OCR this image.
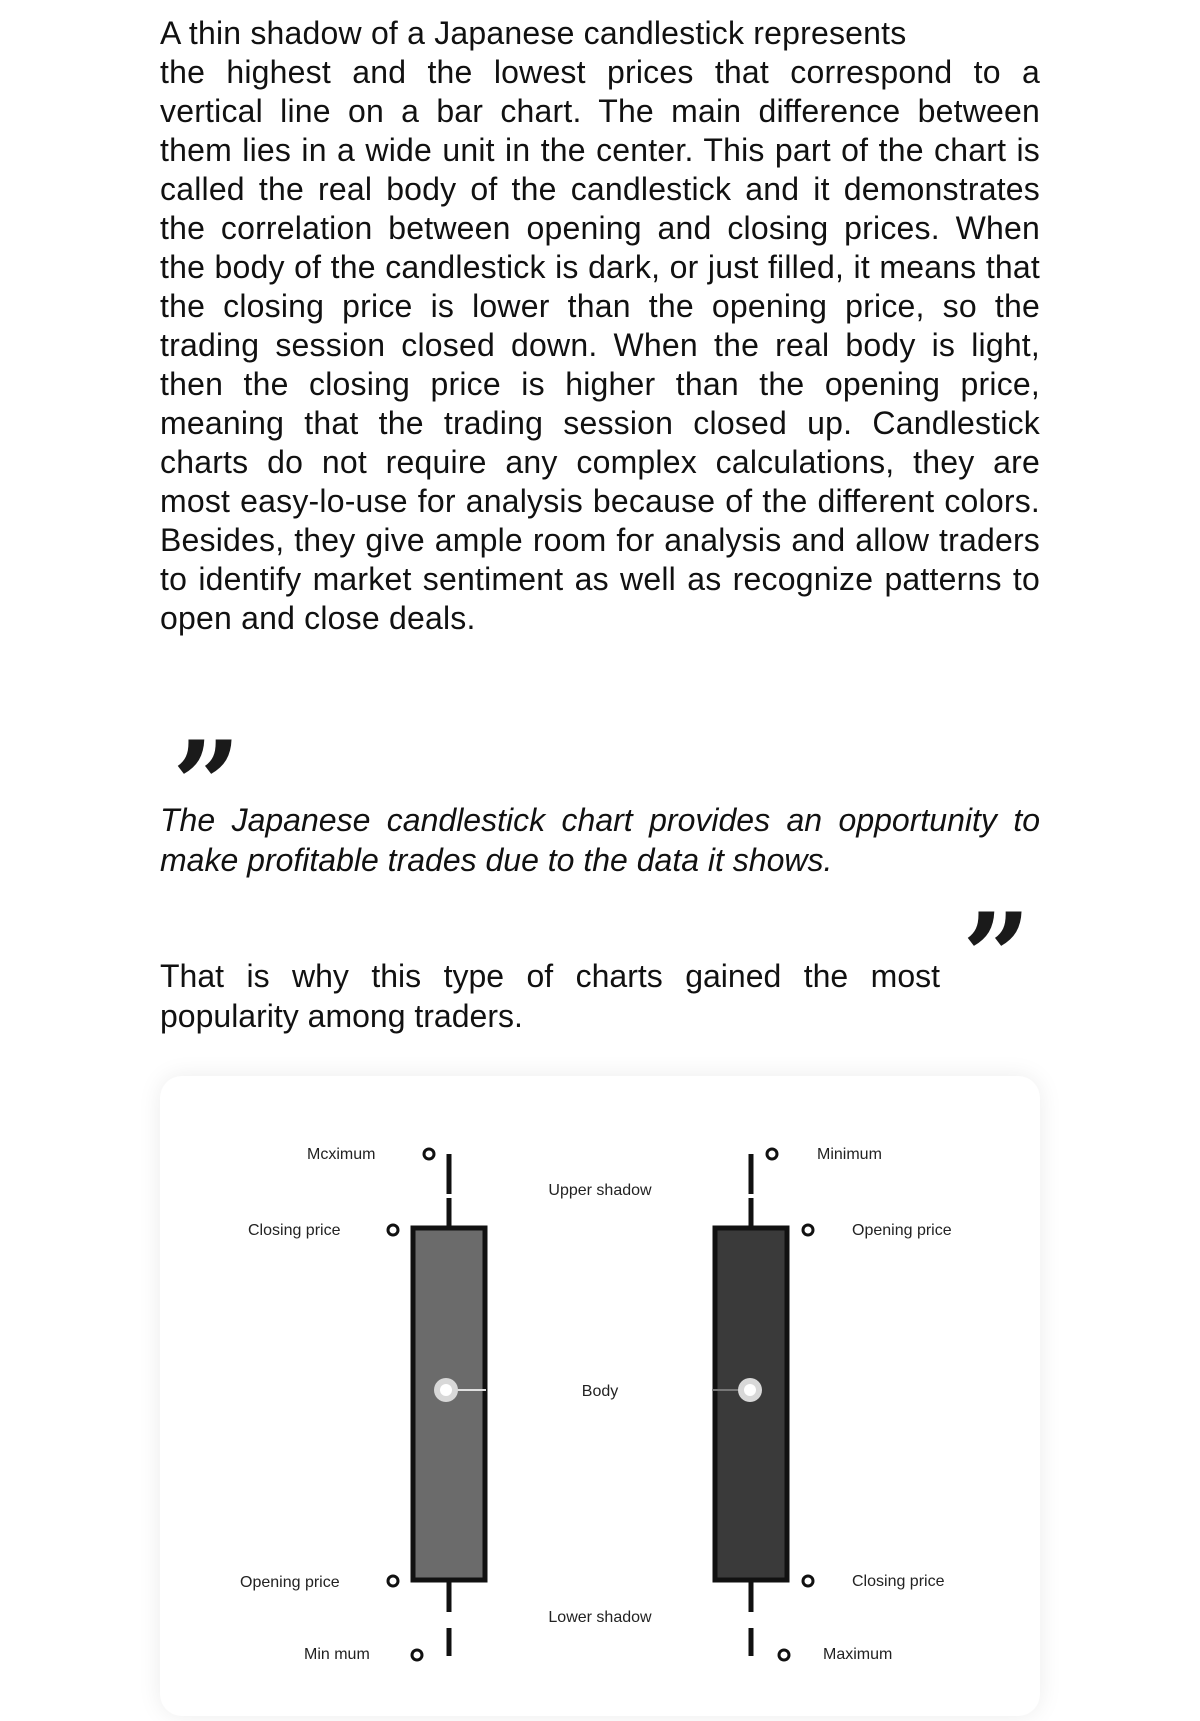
A thin shadow of a Japanese candlestick represents
the highest and the lowest prices that correspond to a vertical line on a bar chart. The main difference between them lies in a wide unit in the center. This part of the chart is called the real body of the candlestick and it demonstrates the correlation between opening and closing prices. When the body of the candlestick is dark, or just filled, it means that the closing price is lower than the opening price, so the trading session closed down. When the real body is light, then the closing price is higher than the opening price, meaning that the trading session closed up. Candlestick charts do not require any complex calculations, they are most easy-lo-use for analysis because of the different colors. Besides, they give ample room for analysis and allow traders to identify market sentiment as well as recognize patterns to open and close deals.

”

The Japanese candlestick chart provides an opportunity to make profitable trades due to the data it shows.

”

That is why this type of charts gained the most popularity among traders.

Mcximum
Closing price
Opening price
Min mum
Minimum
Opening price
Closing price
Maximum
Upper shadow
Body
Lower shadow
